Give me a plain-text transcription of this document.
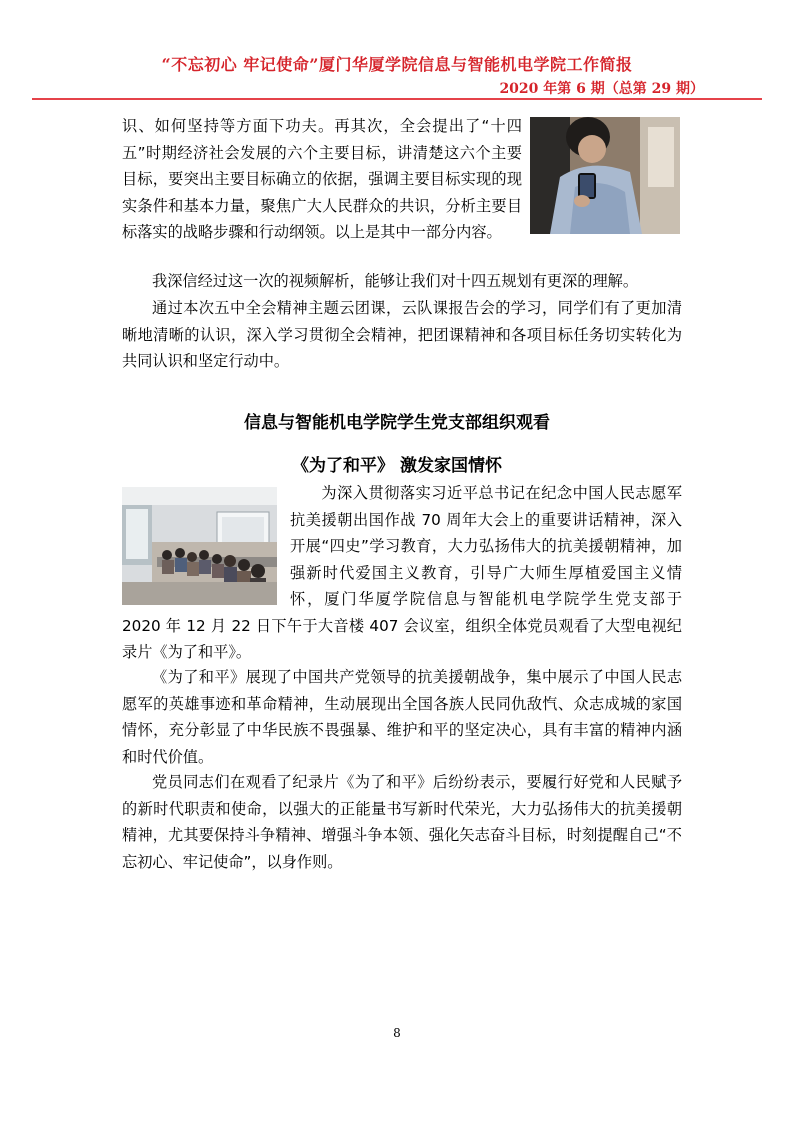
“不忘初心 牢记使命”厦门华厦学院信息与智能机电学院工作简报
2020 年第 6 期（总第 29 期）

识、如何坚持等方面下功夫。再其次，全会提出了“十四五”时期经济社会发展的六个主要目标，讲清楚这六个主要目标，要突出主要目标确立的依据，强调主要目标实现的现实条件和基本力量，聚焦广大人民群众的共识，分析主要目标落实的战略步骤和行动纲领。以上是其中一部分内容。

我深信经过这一次的视频解析，能够让我们对十四五规划有更深的理解。

通过本次五中全会精神主题云团课，云队课报告会的学习，同学们有了更加清晰地清晰的认识，深入学习贯彻全会精神，把团课精神和各项目标任务切实转化为共同认识和坚定行动中。

信息与智能机电学院学生党支部组织观看
《为了和平》 激发家国情怀

　　为深入贯彻落实习近平总书记在纪念中国人民志愿军抗美援朝出国作战 70 周年大会上的重要讲话精神，深入开展“四史”学习教育，大力弘扬伟大的抗美援朝精神，加强新时代爱国主义教育，引导广大师生厚植爱国主义情怀，厦门华厦学院信息与智能机电学院学生党支部于 2020 年 12 月 22 日下午于大音楼 407 会议室，组织全体党员观看了大型电视纪录片《为了和平》。

《为了和平》展现了中国共产党领导的抗美援朝战争，集中展示了中国人民志愿军的英雄事迹和革命精神，生动展现出全国各族人民同仇敌忾、众志成城的家国情怀，充分彰显了中华民族不畏强暴、维护和平的坚定决心，具有丰富的精神内涵和时代价值。

党员同志们在观看了纪录片《为了和平》后纷纷表示，要履行好党和人民赋予的新时代职责和使命，以强大的正能量书写新时代荣光，大力弘扬伟大的抗美援朝精神，尤其要保持斗争精神、增强斗争本领、强化矢志奋斗目标，时刻提醒自己“不忘初心、牢记使命”，以身作则。

8
